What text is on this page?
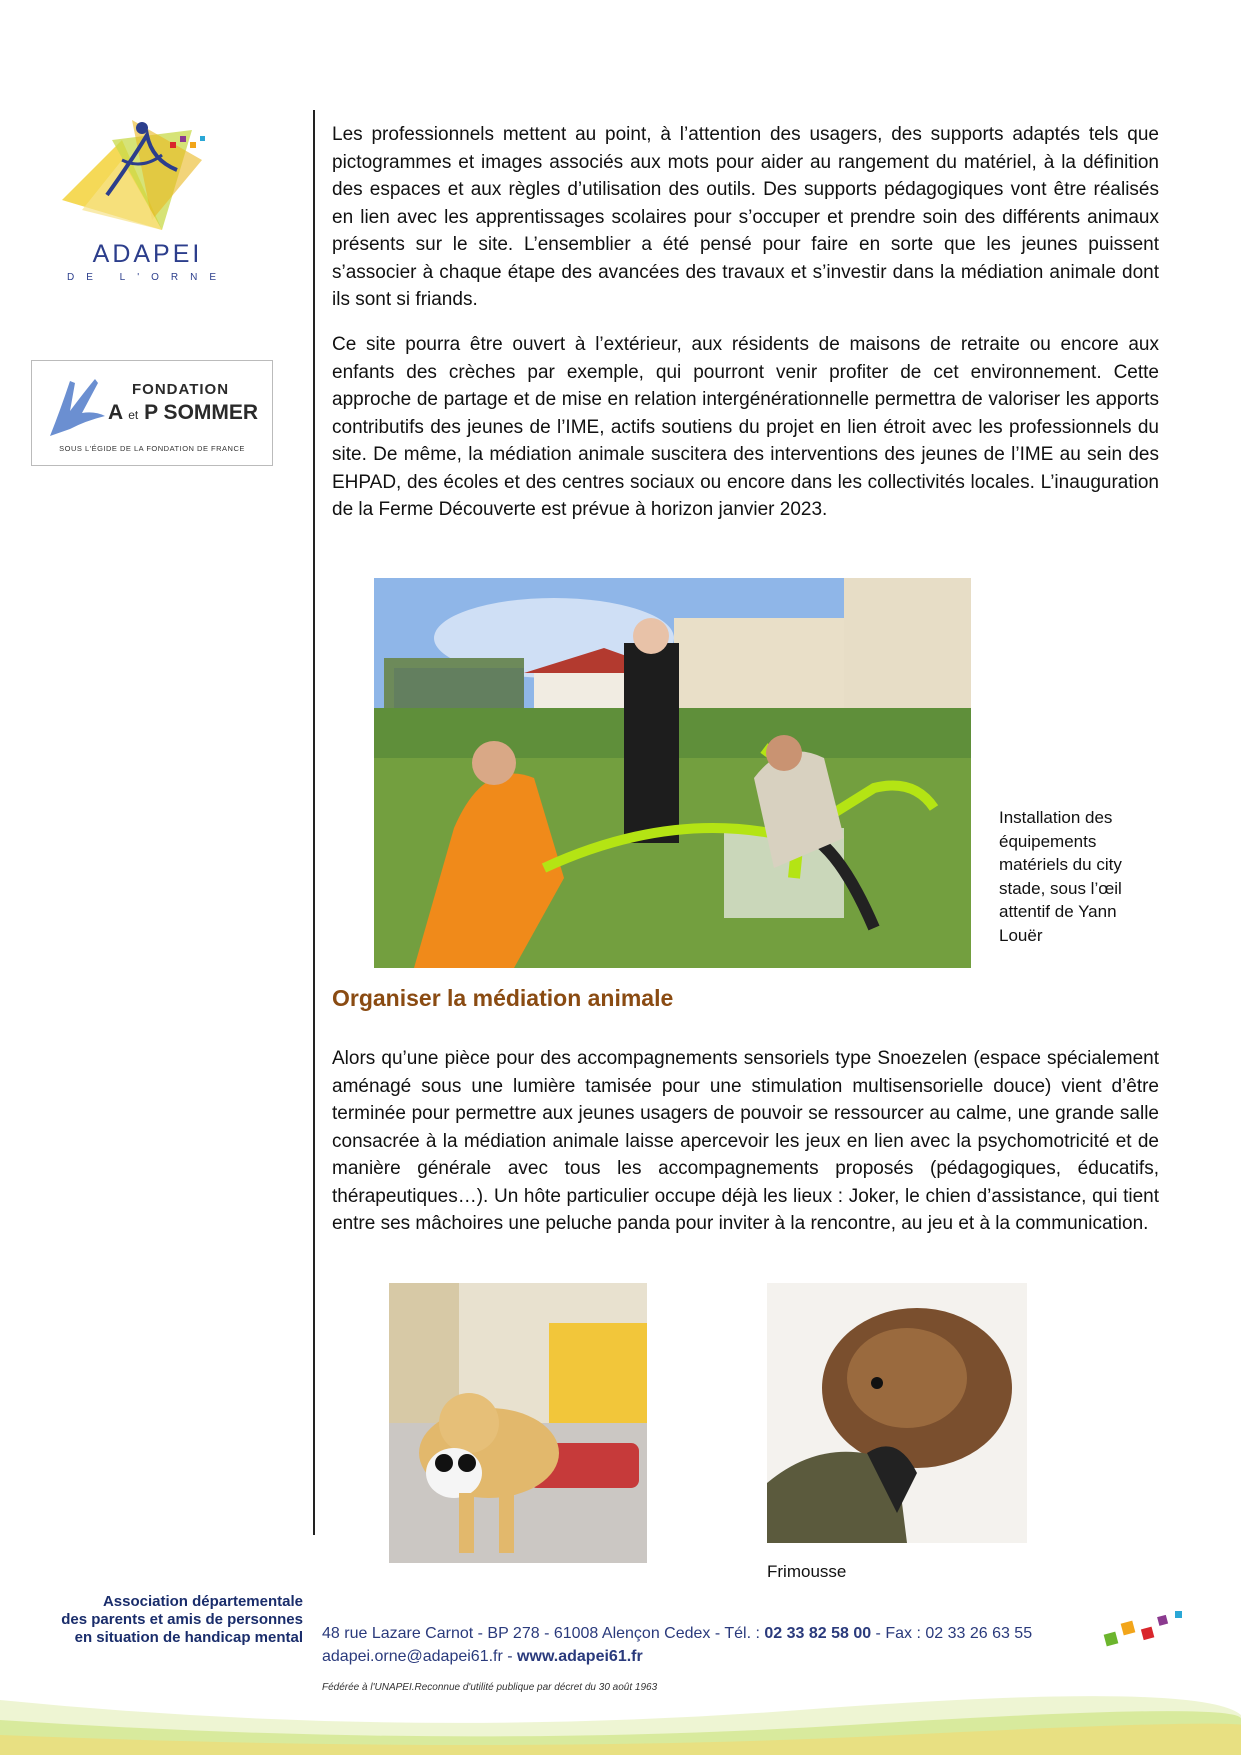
ADAPEI
DE L'ORNE
FONDATION
A et P SOMMER
SOUS L'ÉGIDE DE LA FONDATION DE FRANCE

Les professionnels mettent au point, à l’attention des usagers, des supports adaptés tels que pictogrammes et images associés aux mots pour aider au rangement du matériel, à la définition des espaces et aux règles d’utilisation des outils. Des supports pédagogiques vont être réalisés en lien avec les apprentissages scolaires pour s’occuper et prendre soin des différents animaux présents sur le site. L’ensemblier a été pensé pour faire en sorte que les jeunes puissent s’associer à chaque étape des avancées des travaux et s’investir dans la médiation animale dont ils sont si friands.

Ce site pourra être ouvert à l’extérieur, aux résidents de maisons de retraite ou encore aux enfants des crèches par exemple, qui pourront venir profiter de cet environnement. Cette approche de partage et de mise en relation intergénérationnelle permettra de valoriser les apports contributifs des jeunes de l’IME, actifs soutiens du projet en lien étroit avec les professionnels du site. De même, la médiation animale suscitera des interventions des jeunes de l’IME au sein des EHPAD, des écoles et des centres sociaux ou encore dans les collectivités locales. L’inauguration de la Ferme Découverte est prévue à horizon janvier 2023.

Installation des équipements matériels du city stade, sous l’œil attentif de Yann Louër

Organiser la médiation animale

Alors qu’une pièce pour des accompagnements sensoriels type Snoezelen (espace spécialement aménagé sous une lumière tamisée pour une stimulation multisensorielle douce) vient d’être terminée pour permettre aux jeunes usagers de pouvoir se ressourcer au calme, une grande salle consacrée à la médiation animale laisse apercevoir les jeux en lien avec la psychomotricité et de manière générale avec tous les accompagnements proposés (pédagogiques, éducatifs, thérapeutiques…). Un hôte particulier occupe déjà les lieux : Joker, le chien d’assistance, qui tient entre ses mâchoires une peluche panda pour inviter à la rencontre, au jeu et à la communication.

Frimousse

Association départementale
des parents et amis de personnes
en situation de handicap mental 48 rue Lazare Carnot - BP 278 - 61008 Alençon Cedex - Tél. : 02 33 82 58 00 - Fax : 02 33 26 63 55
adapei.orne@adapei61.fr - www.adapei61.fr
Fédérée à l'UNAPEI.Reconnue d'utilité publique par décret du 30 août 1963
